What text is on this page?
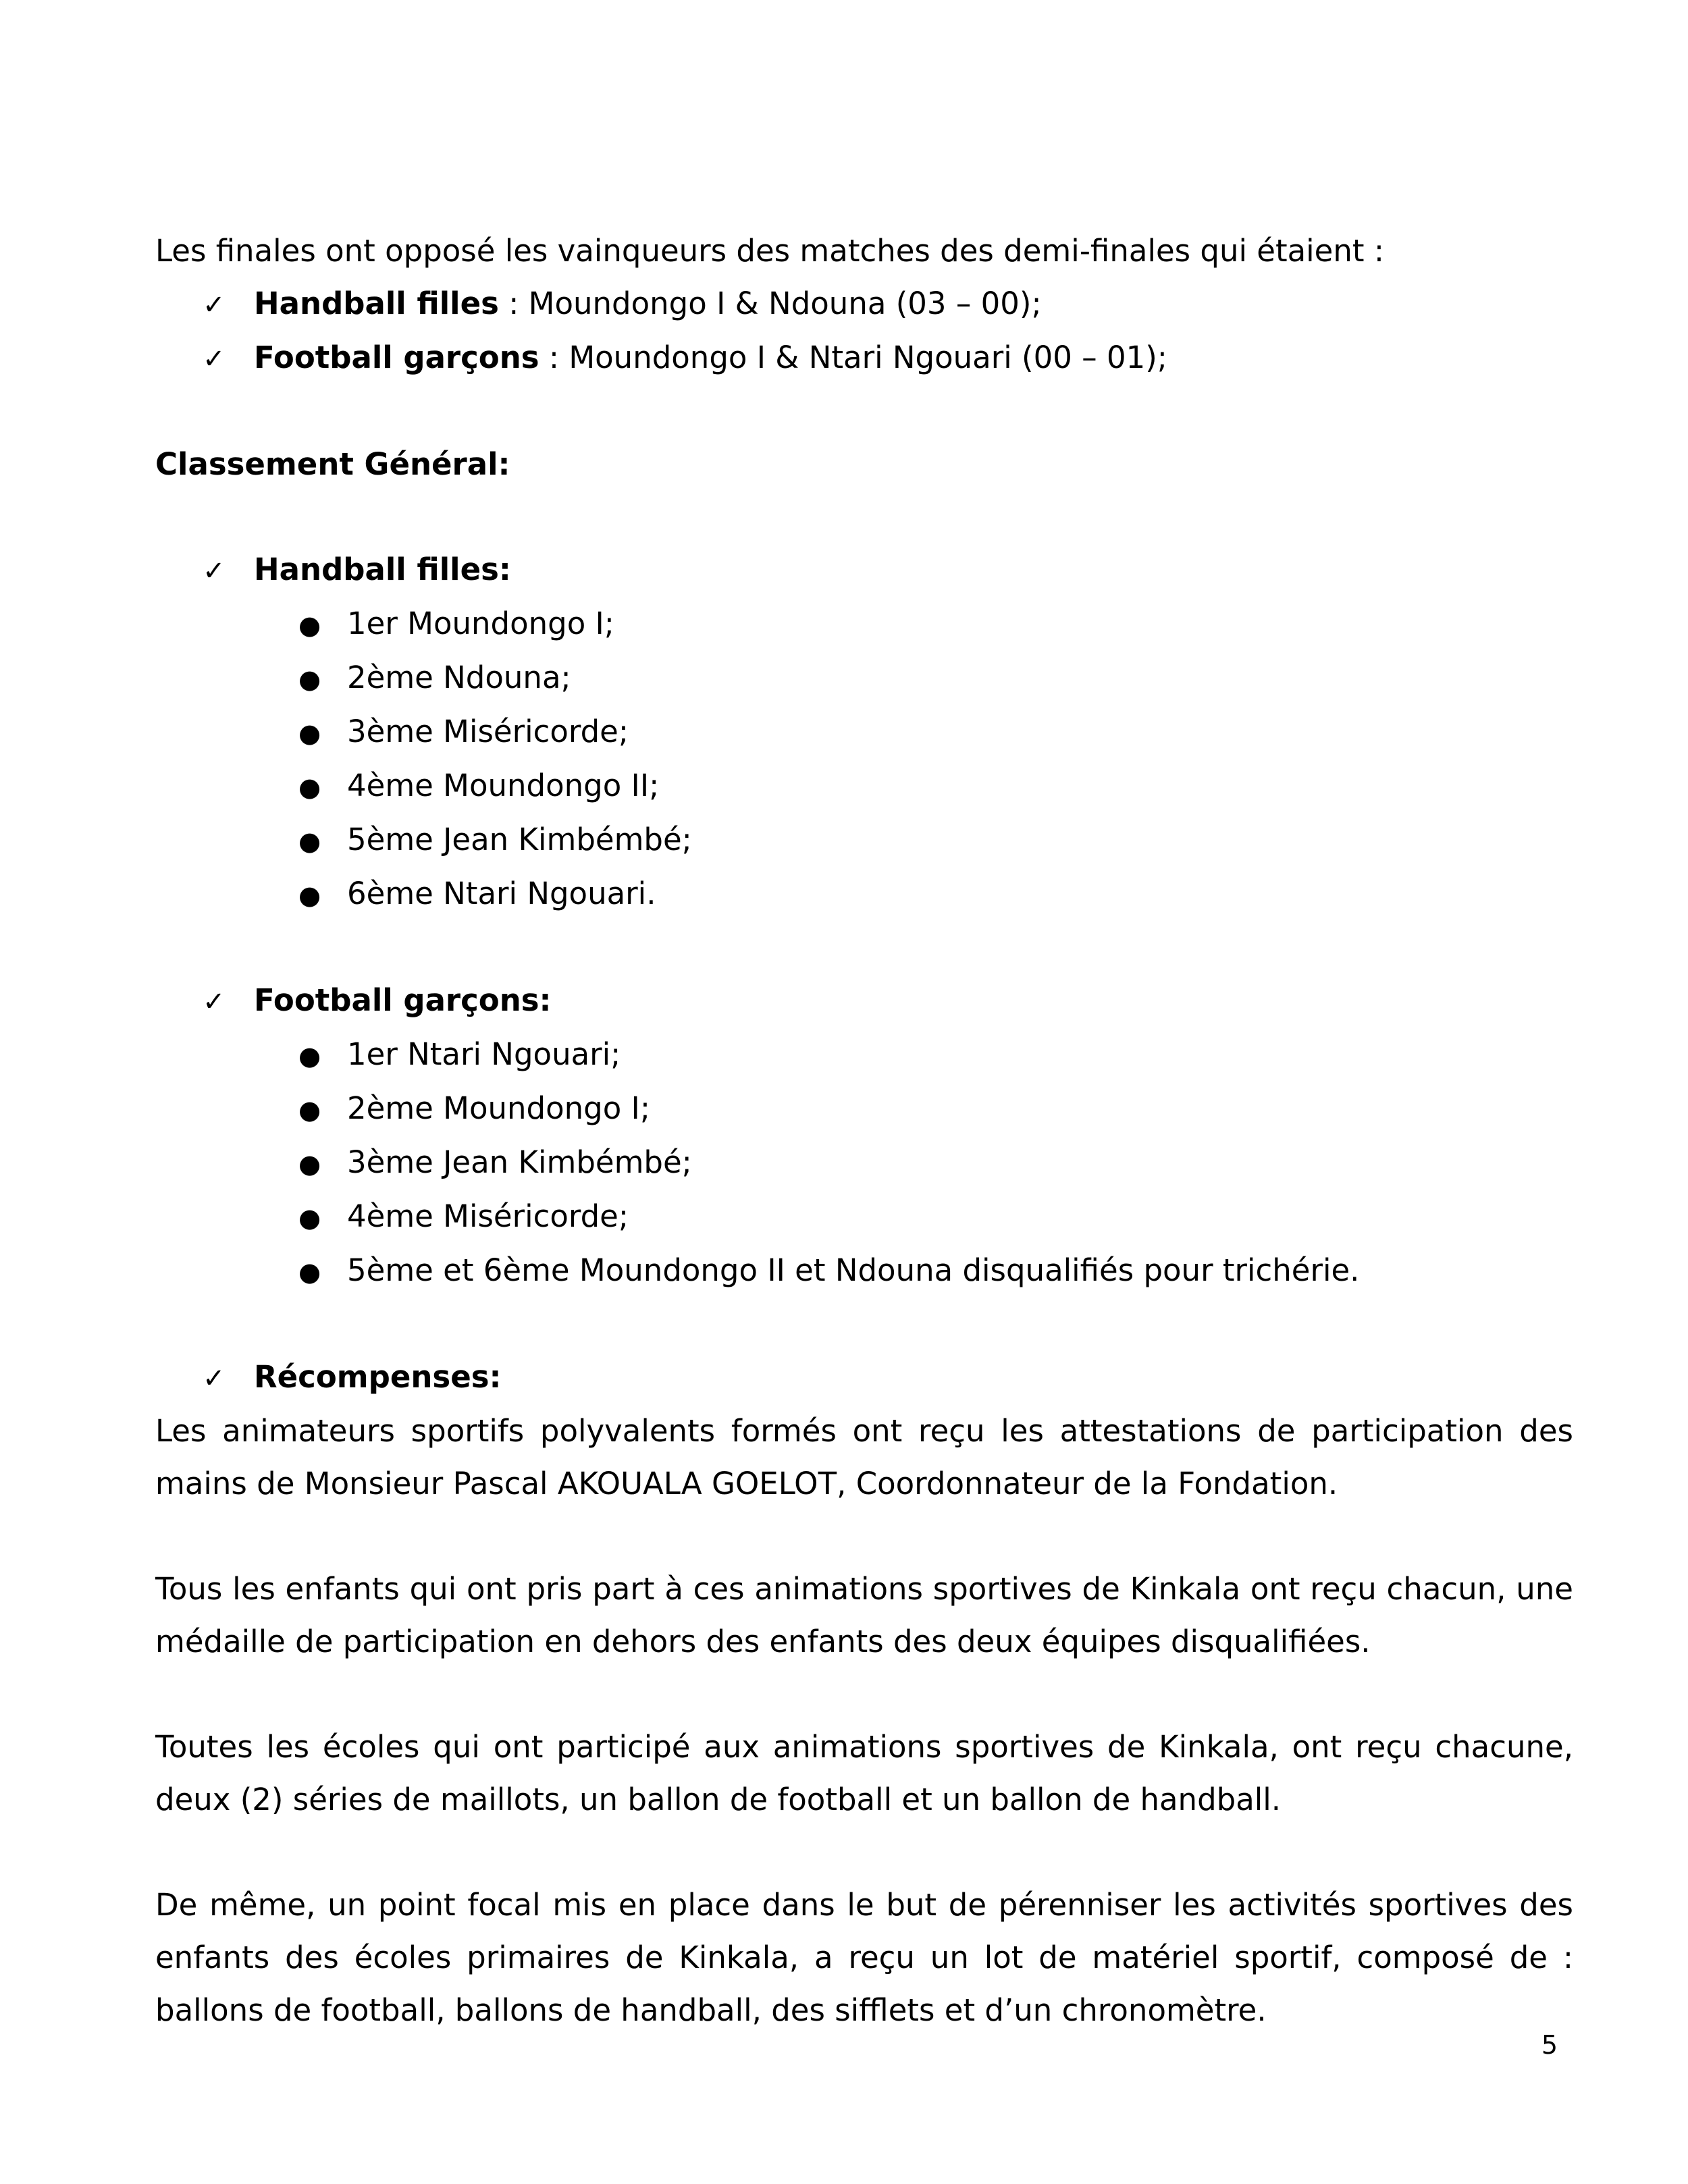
Les finales ont opposé les vainqueurs des matches des demi-finales qui étaient :

✓ Handball filles : Moundongo I & Ndouna (03 – 00);
✓ Football garçons : Moundongo I & Ntari Ngouari (00 – 01);

Classement Général:

✓ Handball filles:
● 1er Moundongo I;
● 2ème Ndouna;
● 3ème Miséricorde;
● 4ème Moundongo II;
● 5ème Jean Kimbémbé;
● 6ème Ntari Ngouari.
✓ Football garçons:
● 1er Ntari Ngouari;
● 2ème Moundongo I;
● 3ème Jean Kimbémbé;
● 4ème Miséricorde;
● 5ème et 6ème Moundongo II et Ndouna disqualifiés pour trichérie.
✓ Récompenses:

Les animateurs sportifs polyvalents formés ont reçu les attestations de participation des mains de Monsieur Pascal AKOUALA GOELOT, Coordonnateur de la Fondation.

Tous les enfants qui ont pris part à ces animations sportives de Kinkala ont reçu chacun, une médaille de participation en dehors des enfants des deux équipes disqualifiées.

Toutes les écoles qui ont participé aux animations sportives de Kinkala, ont reçu chacune, deux (2) séries de maillots, un ballon de football et un ballon de handball.

De même, un point focal mis en place dans le but de pérenniser les activités sportives des enfants des écoles primaires de Kinkala, a reçu un lot de matériel sportif, composé de : ballons de football, ballons de handball, des sifflets et d’un chronomètre.

5
